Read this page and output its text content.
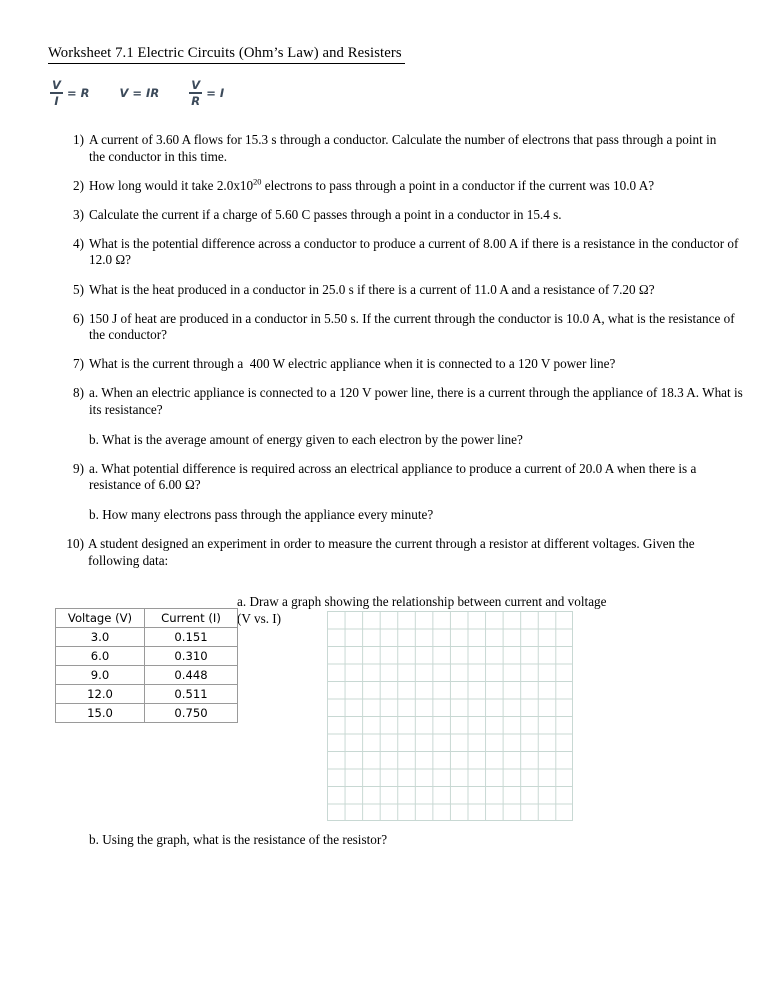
Worksheet 7.1 Electric Circuits (Ohm’s Law) and Resisters
$\frac{V}{I} = R$	V = IR	$\frac{V}{R} = I$
1) A current of 3.60 A flows for 15.3 s through a conductor. Calculate the number of electrons that pass through a point in the conductor in this time.
2) How long would it take $2.0x10^{20}$ electrons to pass through a point in a conductor if the current was 10.0 A?
3) Calculate the current if a charge of 5.60 C passes through a point in a conductor in 15.4 s.
4) What is the potential difference across a conductor to produce a current of 8.00 A if there is a resistance in the conductor of 12.0 Ω?
5) What is the heat produced in a conductor in 25.0 s if there is a current of 11.0 A and a resistance of 7.20 Ω?
6) 150 J of heat are produced in a conductor in 5.50 s. If the current through the conductor is 10.0 A, what is the resistance of the conductor?
7) What is the current through a  400 W electric appliance when it is connected to a 120 V power line?
8) a. When an electric appliance is connected to a 120 V power line, there is a current through the appliance of 18.3 A. What is its resistance?
b. What is the average amount of energy given to each electron by the power line?
9) a. What potential difference is required across an electrical appliance to produce a current of 20.0 A when there is a resistance of 6.00 Ω?
b. How many electrons pass through the appliance every minute?
10) A student designed an experiment in order to measure the current through a resistor at different voltages. Given the following data:
a. Draw a graph showing the relationship between current and voltage
(V vs. I)
Voltage (V)	Current (I)
3.0	0.151
6.0	0.310
9.0	0.448
12.0	0.511
15.0	0.750
b. Using the graph, what is the resistance of the resistor?
